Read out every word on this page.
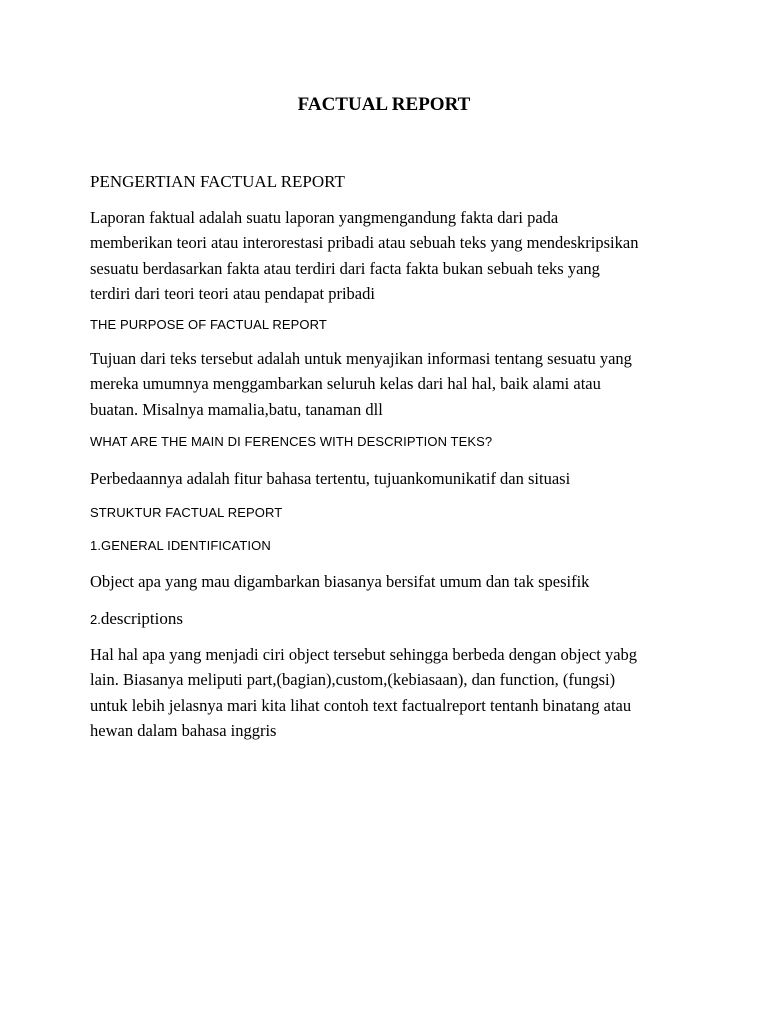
FACTUAL REPORT

PENGERTIAN FACTUAL REPORT

Laporan faktual adalah suatu laporan yangmengandung fakta dari pada
memberikan teori atau interorestasi pribadi atau sebuah teks yang mendeskripsikan
sesuatu berdasarkan fakta atau terdiri dari facta fakta bukan sebuah teks yang
terdiri dari teori teori atau pendapat pribadi

THE PURPOSE OF FACTUAL REPORT

Tujuan dari teks tersebut adalah untuk menyajikan informasi tentang sesuatu yang
mereka umumnya menggambarkan seluruh kelas dari hal hal, baik alami atau
buatan. Misalnya mamalia,batu, tanaman dll

WHAT ARE THE MAIN DI FERENCES WITH DESCRIPTION TEKS?

Perbedaannya adalah fitur bahasa tertentu, tujuankomunikatif dan situasi

STRUKTUR FACTUAL REPORT

1.GENERAL IDENTIFICATION

Object apa yang mau digambarkan biasanya bersifat umum dan tak spesifik

2.descriptions

Hal hal apa yang menjadi ciri object tersebut sehingga berbeda dengan object yabg
lain. Biasanya meliputi part,(bagian),custom,(kebiasaan), dan function, (fungsi)
untuk lebih jelasnya mari kita lihat contoh text factualreport tentanh binatang atau
hewan dalam bahasa inggris
